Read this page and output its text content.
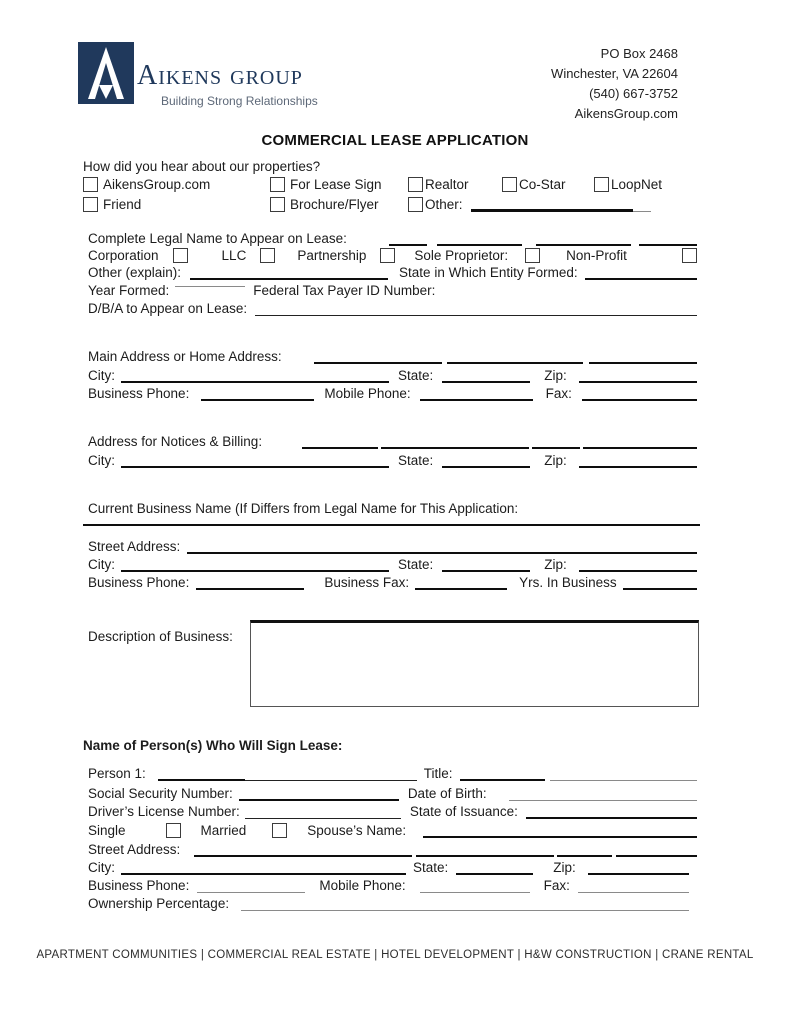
Aikens group
Building Strong Relationships
PO Box 2468
Winchester, VA 22604
(540) 667-3752
AikensGroup.com
COMMERCIAL LEASE APPLICATION
How did you hear about our properties?
AikensGroup.com	For Lease Sign	Realtor	Co-Star	LoopNet
Friend	Brochure/Flyer	Other:
Complete Legal Name to Appear on Lease:
Corporation	LLC	Partnership	Sole Proprietor:	Non-Profit
Other (explain):	State in Which Entity Formed:
Year Formed:	Federal Tax Payer ID Number:
D/B/A to Appear on Lease:
Main Address or Home Address:
City:	State:	Zip:
Business Phone:	Mobile Phone:	Fax:
Address for Notices & Billing:
City:	State:	Zip:
Current Business Name (If Differs from Legal Name for This Application:
Street Address:
City:	State:	Zip:
Business Phone:	Business Fax:	Yrs. In Business
Description of Business:
Name of Person(s) Who Will Sign Lease:
Person 1:	Title:
Social Security Number:	Date of Birth:
Driver’s License Number:	State of Issuance:
Single	Married	Spouse’s Name:
Street Address:
City:	State:	Zip:
Business Phone:	Mobile Phone:	Fax:
Ownership Percentage:
APARTMENT COMMUNITIES | COMMERCIAL REAL ESTATE | HOTEL DEVELOPMENT | H&W CONSTRUCTION | CRANE RENTAL
